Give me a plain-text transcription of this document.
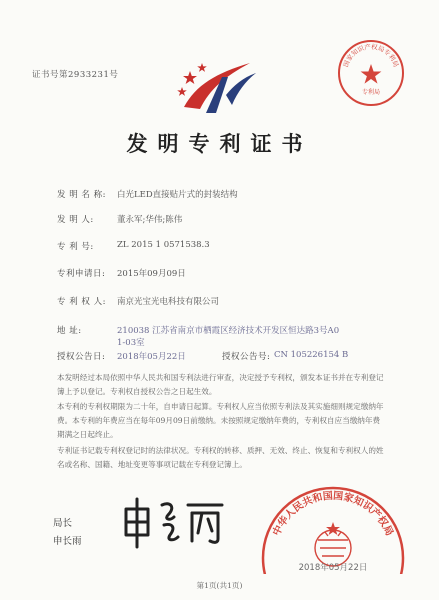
证书号第2933231号
国家知识产权局专利局
专利局
发明专利证书
发 明 名 称: 白光LED直接贴片式的封装结构
发 明 人:	董永军;华伟;陈伟
专 利 号:	ZL 2015 1 0571538.3
专利申请日: 2015年09月09日
专 利 权 人: 南京光宝光电科技有限公司
地 址:	210038 江苏省南京市栖霞区经济技术开发区恒达路3号A0
1-03室
授权公告日: 2018年05月22日	授权公告号: CN 105226154 B
本发明经过本局依照中华人民共和国专利法进行审查，决定授予专利权，颁发本证书并在专利登记簿上予以登记。专利权自授权公告之日起生效。
本专利的专利权期限为二十年，自申请日起算。专利权人应当依照专利法及其实施细则规定缴纳年费。本专利的年费应当在每年09月09日前缴纳。未按照规定缴纳年费的，专利权自应当缴纳年费期满之日起终止。
专利证书记载专利权登记时的法律状况。专利权的转移、质押、无效、终止、恢复和专利权人的姓名或名称、国籍、地址变更等事项记载在专利登记簿上。
局长
申长雨
中华人民共和国国家知识产权局
2018年05月22日
第1页(共1页)
